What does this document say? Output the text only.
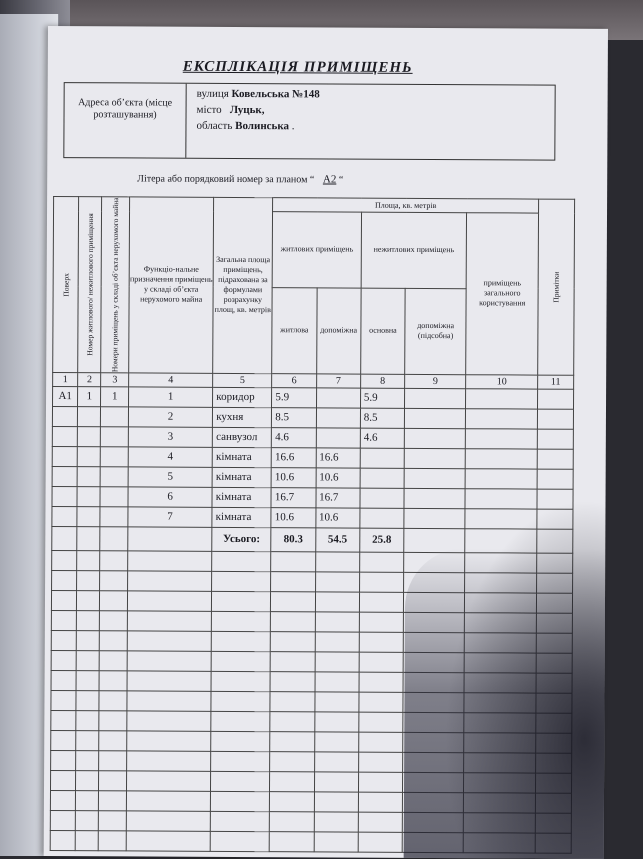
ЕКСПЛІКАЦІЯ ПРИМІЩЕНЬ
Адреса об’єкта (місце розташування)
вулиця Ковельська №148
місто Луцьк,
область Волинська .
Літера або порядковий номер за планом “ А2 “
Поверх	Номер житлового/ нежитлового приміщення	Номери приміщень у складі об’єкта нерухомого майна	Функціо-нальне призначення приміщень у складі об’єкта нерухомого майна	Загальна площа приміщень, підрахована за формулами розрахунку площ, кв. метрів	Площа, кв. метрів					Примітки

					житлових приміщень		нежитлових приміщень		приміщень загального користування	
					житлова	допоміжна	основна	допоміжна (підсобна)		
1	2	3	4	5	6	7	8	9	10	11
А1	1	1	1	коридор	5.9		5.9			
			2	кухня	8.5		8.5			
			3	санвузол	4.6		4.6			
			4	кімната	16.6	16.6				
			5	кімната	10.6	10.6				
			6	кімната	16.7	16.7				
			7	кімната	10.6	10.6				
				Усього:	80.3	54.5	25.8			
